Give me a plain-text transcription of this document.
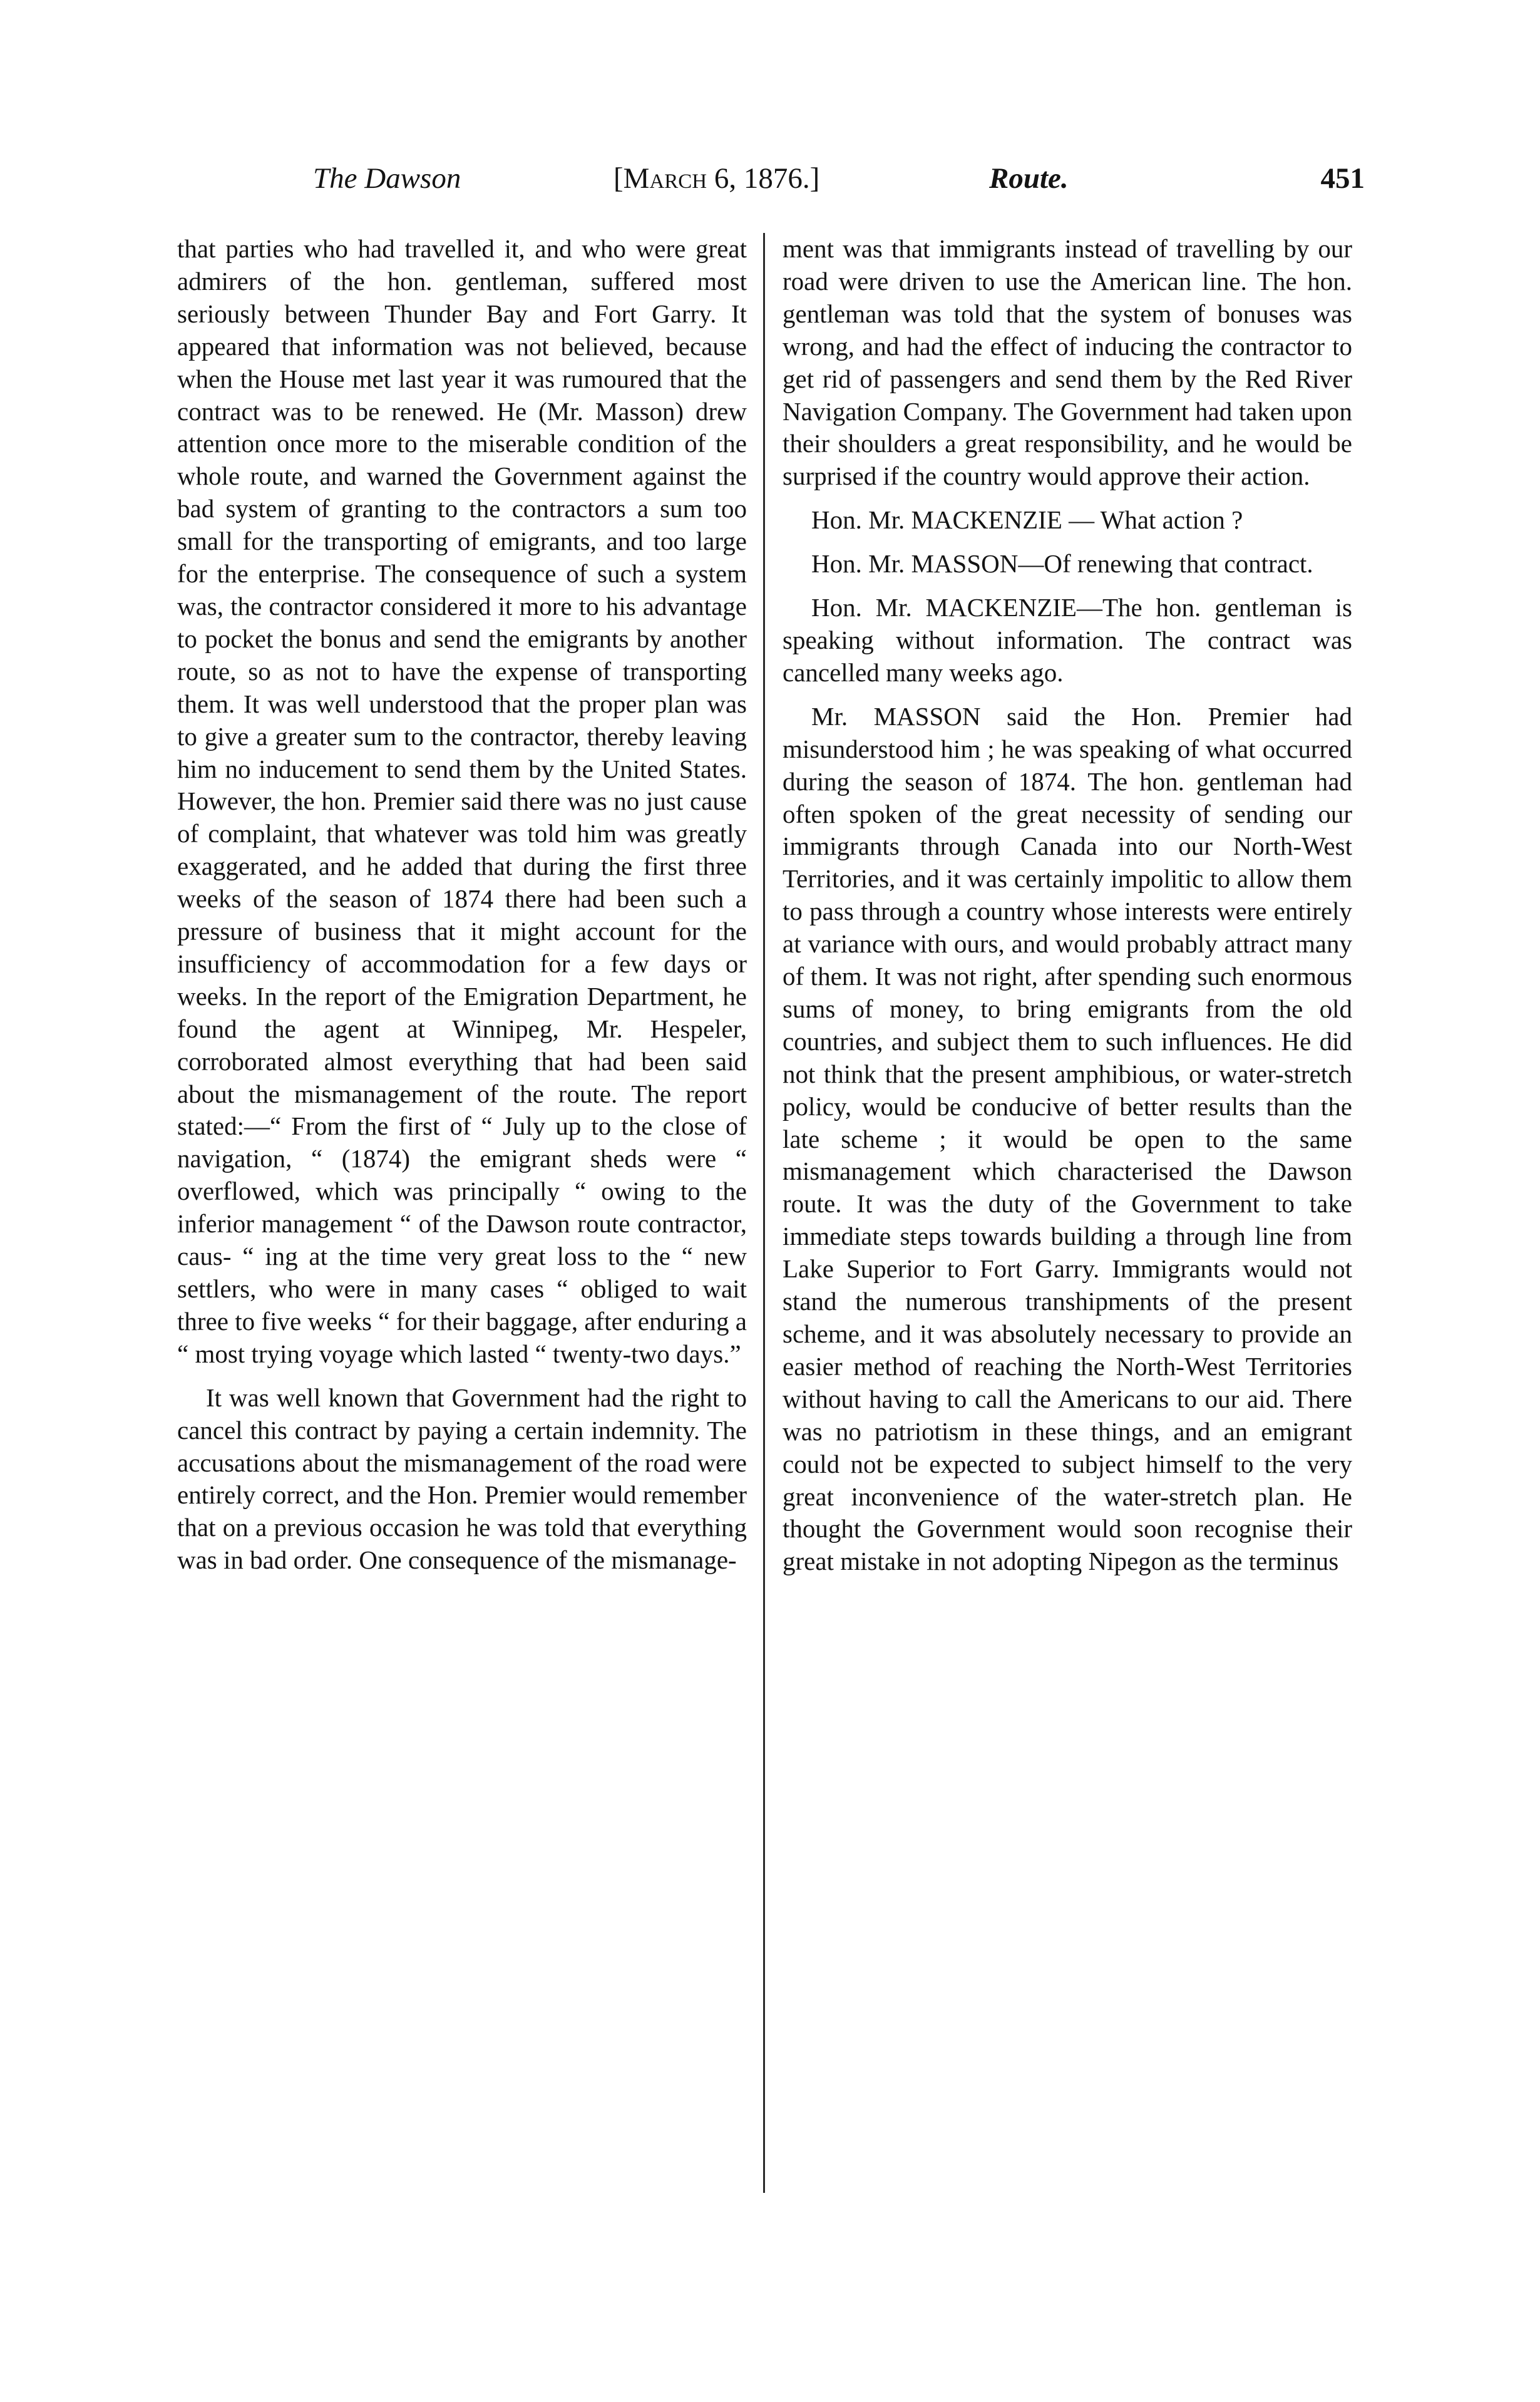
The Dawson	[March 6, 1876.]	Route.	451

that parties who had travelled it, and who were great admirers of the hon. gentleman, suffered most seriously between Thunder Bay and Fort Garry. It appeared that information was not believed, because when the House met last year it was rumoured that the contract was to be renewed. He (Mr. Masson) drew attention once more to the miserable condition of the whole route, and warned the Government against the bad system of granting to the contractors a sum too small for the transporting of emigrants, and too large for the enterprise. The consequence of such a system was, the contractor considered it more to his advantage to pocket the bonus and send the emigrants by another route, so as not to have the expense of transporting them. It was well understood that the proper plan was to give a greater sum to the contractor, thereby leaving him no inducement to send them by the United States. However, the hon. Premier said there was no just cause of complaint, that whatever was told him was greatly exaggerated, and he added that during the first three weeks of the season of 1874 there had been such a pressure of business that it might account for the insufficiency of accommodation for a few days or weeks. In the report of the Emigration Department, he found the agent at Winnipeg, Mr. Hespeler, corroborated almost everything that had been said about the mismanagement of the route. The report stated:—“ From the first of “ July up to the close of navigation, “ (1874) the emigrant sheds were “ overflowed, which was principally “ owing to the inferior management “ of the Dawson route contractor, caus- “ ing at the time very great loss to the “ new settlers, who were in many cases “ obliged to wait three to five weeks “ for their baggage, after enduring a “ most trying voyage which lasted “ twenty-two days.”

It was well known that Government had the right to cancel this contract by paying a certain indemnity. The accusations about the mismanagement of the road were entirely correct, and the Hon. Premier would remember that on a previous occasion he was told that everything was in bad order. One consequence of the mismanage-

ment was that immigrants instead of travelling by our road were driven to use the American line. The hon. gentleman was told that the system of bonuses was wrong, and had the effect of inducing the contractor to get rid of passengers and send them by the Red River Navigation Company. The Government had taken upon their shoulders a great responsibility, and he would be surprised if the country would approve their action.

Hon. Mr. MACKENZIE — What action ?

Hon. Mr. MASSON—Of renewing that contract.

Hon. Mr. MACKENZIE—The hon. gentleman is speaking without information. The contract was cancelled many weeks ago.

Mr. MASSON said the Hon. Premier had misunderstood him ; he was speaking of what occurred during the season of 1874. The hon. gentleman had often spoken of the great necessity of sending our immigrants through Canada into our North-West Territories, and it was certainly impolitic to allow them to pass through a country whose interests were entirely at variance with ours, and would probably attract many of them. It was not right, after spending such enormous sums of money, to bring emigrants from the old countries, and subject them to such influences. He did not think that the present amphibious, or water-stretch policy, would be conducive of better results than the late scheme ; it would be open to the same mismanagement which characterised the Dawson route. It was the duty of the Government to take immediate steps towards building a through line from Lake Superior to Fort Garry. Immigrants would not stand the numerous transhipments of the present scheme, and it was absolutely necessary to provide an easier method of reaching the North-West Territories without having to call the Americans to our aid. There was no patriotism in these things, and an emigrant could not be expected to subject himself to the very great inconvenience of the water-stretch plan. He thought the Government would soon recognise their great mistake in not adopting Nipegon as the terminus
